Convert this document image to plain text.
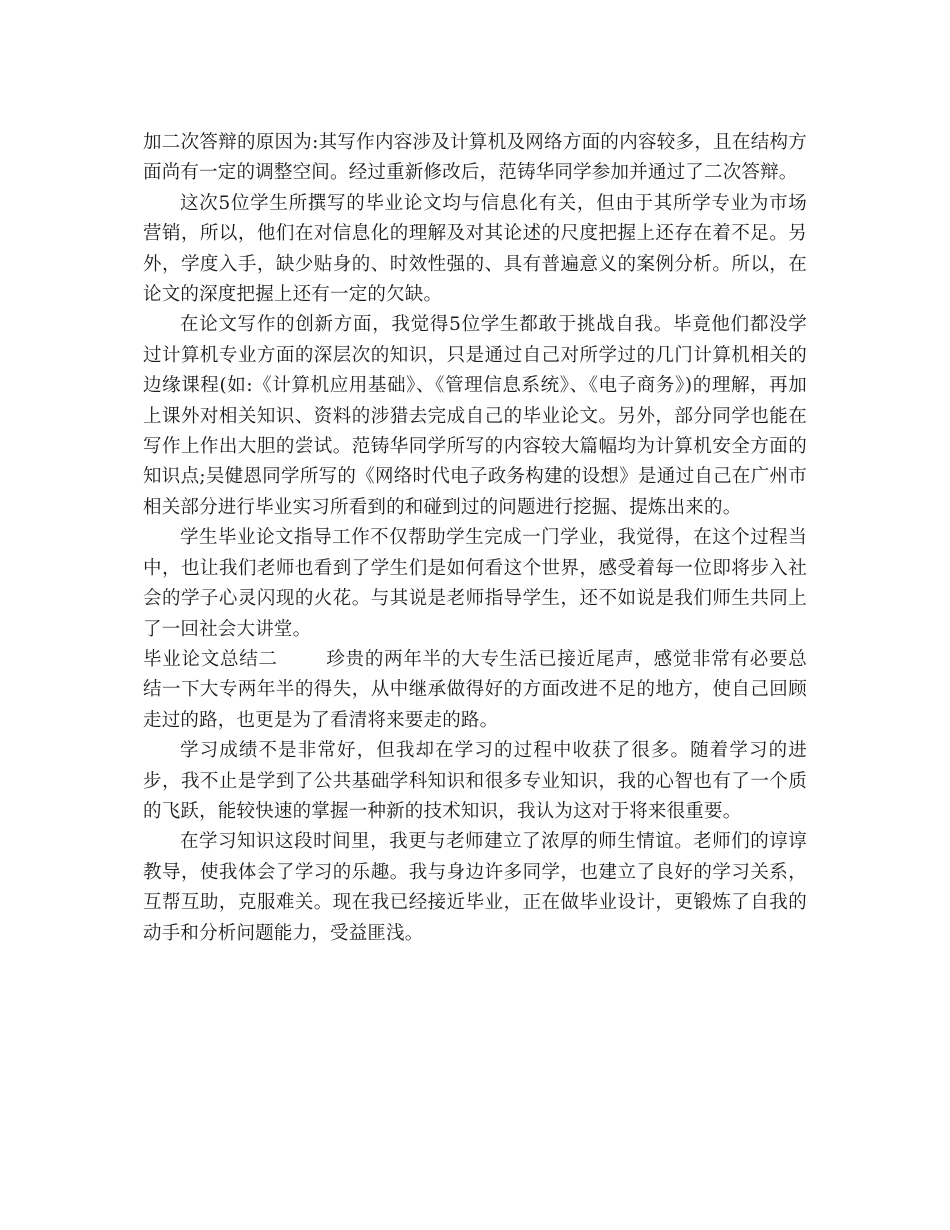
加二次答辩的原因为:其写作内容涉及计算机及网络方面的内容较多，且在结构方面尚有一定的调整空间。经过重新修改后，范铸华同学参加并通过了二次答辩。

这次5位学生所撰写的毕业论文均与信息化有关，但由于其所学专业为市场营销，所以，他们在对信息化的理解及对其论述的尺度把握上还存在着不足。另外，学度入手，缺少贴身的、时效性强的、具有普遍意义的案例分析。所以，在论文的深度把握上还有一定的欠缺。

在论文写作的创新方面，我觉得5位学生都敢于挑战自我。毕竟他们都没学过计算机专业方面的深层次的知识，只是通过自己对所学过的几门计算机相关的边缘课程(如:《计算机应用基础》、《管理信息系统》、《电子商务》)的理解，再加上课外对相关知识、资料的涉猎去完成自己的毕业论文。另外，部分同学也能在写作上作出大胆的尝试。范铸华同学所写的内容较大篇幅均为计算机安全方面的知识点;吴健恩同学所写的《网络时代电子政务构建的设想》是通过自己在广州市相关部分进行毕业实习所看到的和碰到过的问题进行挖掘、提炼出来的。

学生毕业论文指导工作不仅帮助学生完成一门学业，我觉得，在这个过程当中，也让我们老师也看到了学生们是如何看这个世界，感受着每一位即将步入社会的学子心灵闪现的火花。与其说是老师指导学生，还不如说是我们师生共同上了一回社会大讲堂。

毕业论文总结二	珍贵的两年半的大专生活已接近尾声，感觉非常有必要总结一下大专两年半的得失，从中继承做得好的方面改进不足的地方，使自己回顾走过的路，也更是为了看清将来要走的路。

学习成绩不是非常好，但我却在学习的过程中收获了很多。随着学习的进步，我不止是学到了公共基础学科知识和很多专业知识，我的心智也有了一个质的飞跃，能较快速的掌握一种新的技术知识，我认为这对于将来很重要。

在学习知识这段时间里，我更与老师建立了浓厚的师生情谊。老师们的谆谆教导，使我体会了学习的乐趣。我与身边许多同学，也建立了良好的学习关系，互帮互助，克服难关。现在我已经接近毕业，正在做毕业设计，更锻炼了自我的动手和分析问题能力，受益匪浅。
